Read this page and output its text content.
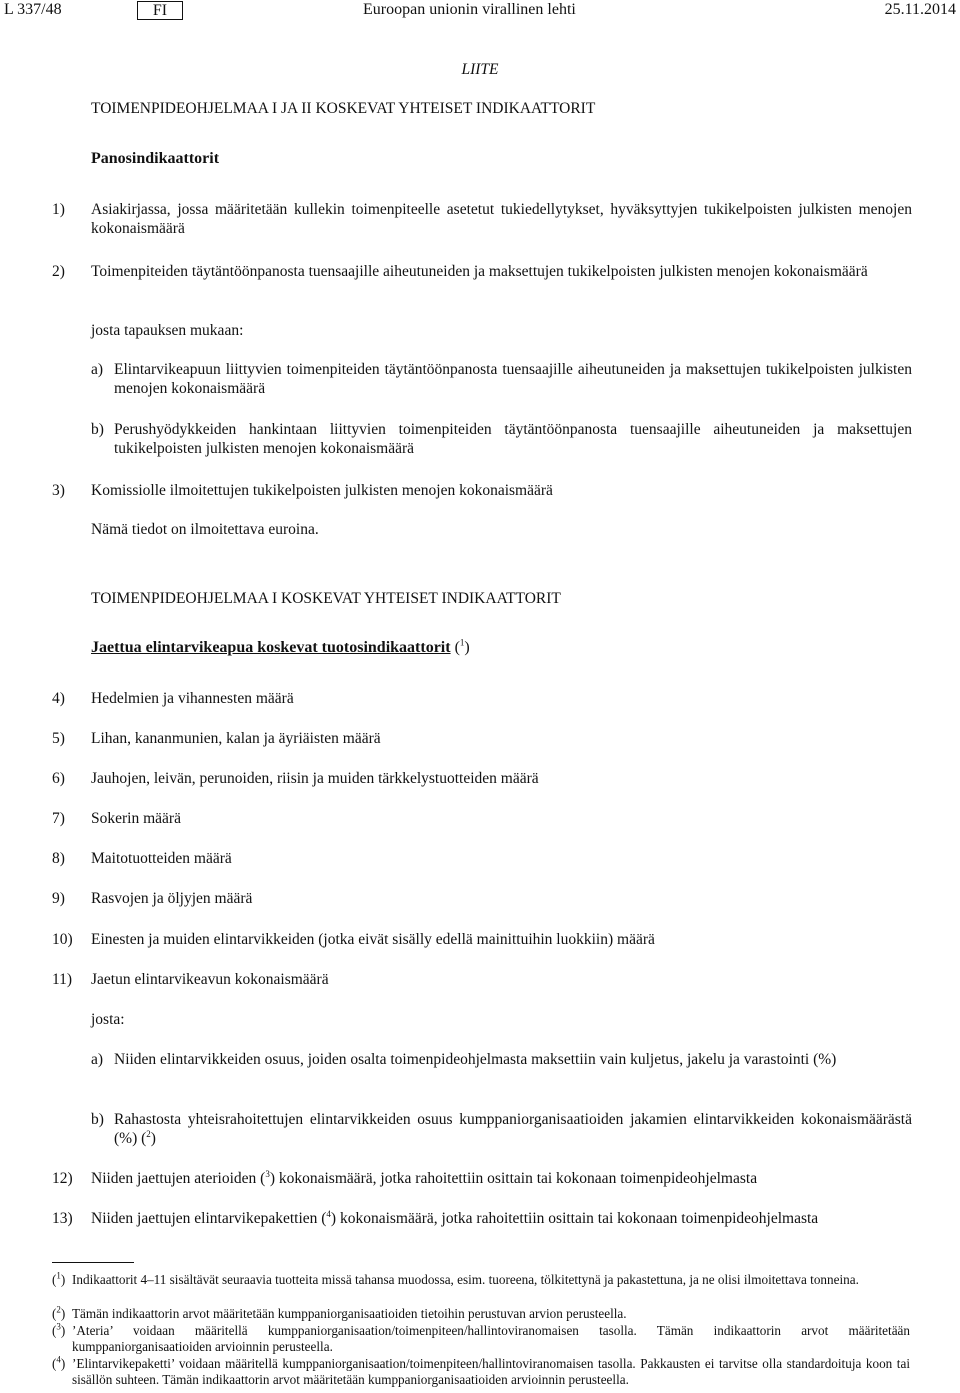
L 337/48	FI	Euroopan unionin virallinen lehti	25.11.2014
LIITE
TOIMENPIDEOHJELMAA I JA II KOSKEVAT YHTEISET INDIKAATTORIT
Panosindikaattorit
1) Asiakirjassa, jossa määritetään kullekin toimenpiteelle asetetut tukiedellytykset, hyväksyttyjen tukikelpoisten julkisten menojen kokonaismäärä
2) Toimenpiteiden täytäntöönpanosta tuensaajille aiheutuneiden ja maksettujen tukikelpoisten julkisten menojen kokonaismäärä
josta tapauksen mukaan:
a) Elintarvikeapuun liittyvien toimenpiteiden täytäntöönpanosta tuensaajille aiheutuneiden ja maksettujen tukikelpoisten julkisten menojen kokonaismäärä
b) Perushyödykkeiden hankintaan liittyvien toimenpiteiden täytäntöönpanosta tuensaajille aiheutuneiden ja maksettujen tukikelpoisten julkisten menojen kokonaismäärä
3) Komissiolle ilmoitettujen tukikelpoisten julkisten menojen kokonaismäärä
Nämä tiedot on ilmoitettava euroina.
TOIMENPIDEOHJELMAA I KOSKEVAT YHTEISET INDIKAATTORIT
Jaettua elintarvikeapua koskevat tuotosindikaattorit ($^1$)
4) Hedelmien ja vihannesten määrä
5) Lihan, kananmunien, kalan ja äyriäisten määrä
6) Jauhojen, leivän, perunoiden, riisin ja muiden tärkkelystuotteiden määrä
7) Sokerin määrä
8) Maitotuotteiden määrä
9) Rasvojen ja öljyjen määrä
10) Einesten ja muiden elintarvikkeiden (jotka eivät sisälly edellä mainittuihin luokkiin) määrä
11) Jaetun elintarvikeavun kokonaismäärä
josta:
a) Niiden elintarvikkeiden osuus, joiden osalta toimenpideohjelmasta maksettiin vain kuljetus, jakelu ja varastointi (%)
b) Rahastosta yhteisrahoitettujen elintarvikkeiden osuus kumppaniorganisaatioiden jakamien elintarvikkeiden kokonaismäärästä (%) ($^2$)
12) Niiden jaettujen aterioiden ($^3$) kokonaismäärä, jotka rahoitettiin osittain tai kokonaan toimenpideohjelmasta
13) Niiden jaettujen elintarvikepakettien ($^4$) kokonaismäärä, jotka rahoitettiin osittain tai kokonaan toimenpideohjelmasta
($^1$) Indikaattorit 4–11 sisältävät seuraavia tuotteita missä tahansa muodossa, esim. tuoreena, tölkitettynä ja pakastettuna, ja ne olisi ilmoitettava tonneina.
($^2$) Tämän indikaattorin arvot määritetään kumppaniorganisaatioiden tietoihin perustuvan arvion perusteella.
($^3$) ’Ateria’ voidaan määritellä kumppaniorganisaation/toimenpiteen/hallintoviranomaisen tasolla. Tämän indikaattorin arvot määritetään kumppaniorganisaatioiden arvioinnin perusteella.
($^4$) ’Elintarvikepaketti’ voidaan määritellä kumppaniorganisaation/toimenpiteen/hallintoviranomaisen tasolla. Pakkausten ei tarvitse olla standardoituja koon tai sisällön suhteen. Tämän indikaattorin arvot määritetään kumppaniorganisaatioiden arvioinnin perusteella.
